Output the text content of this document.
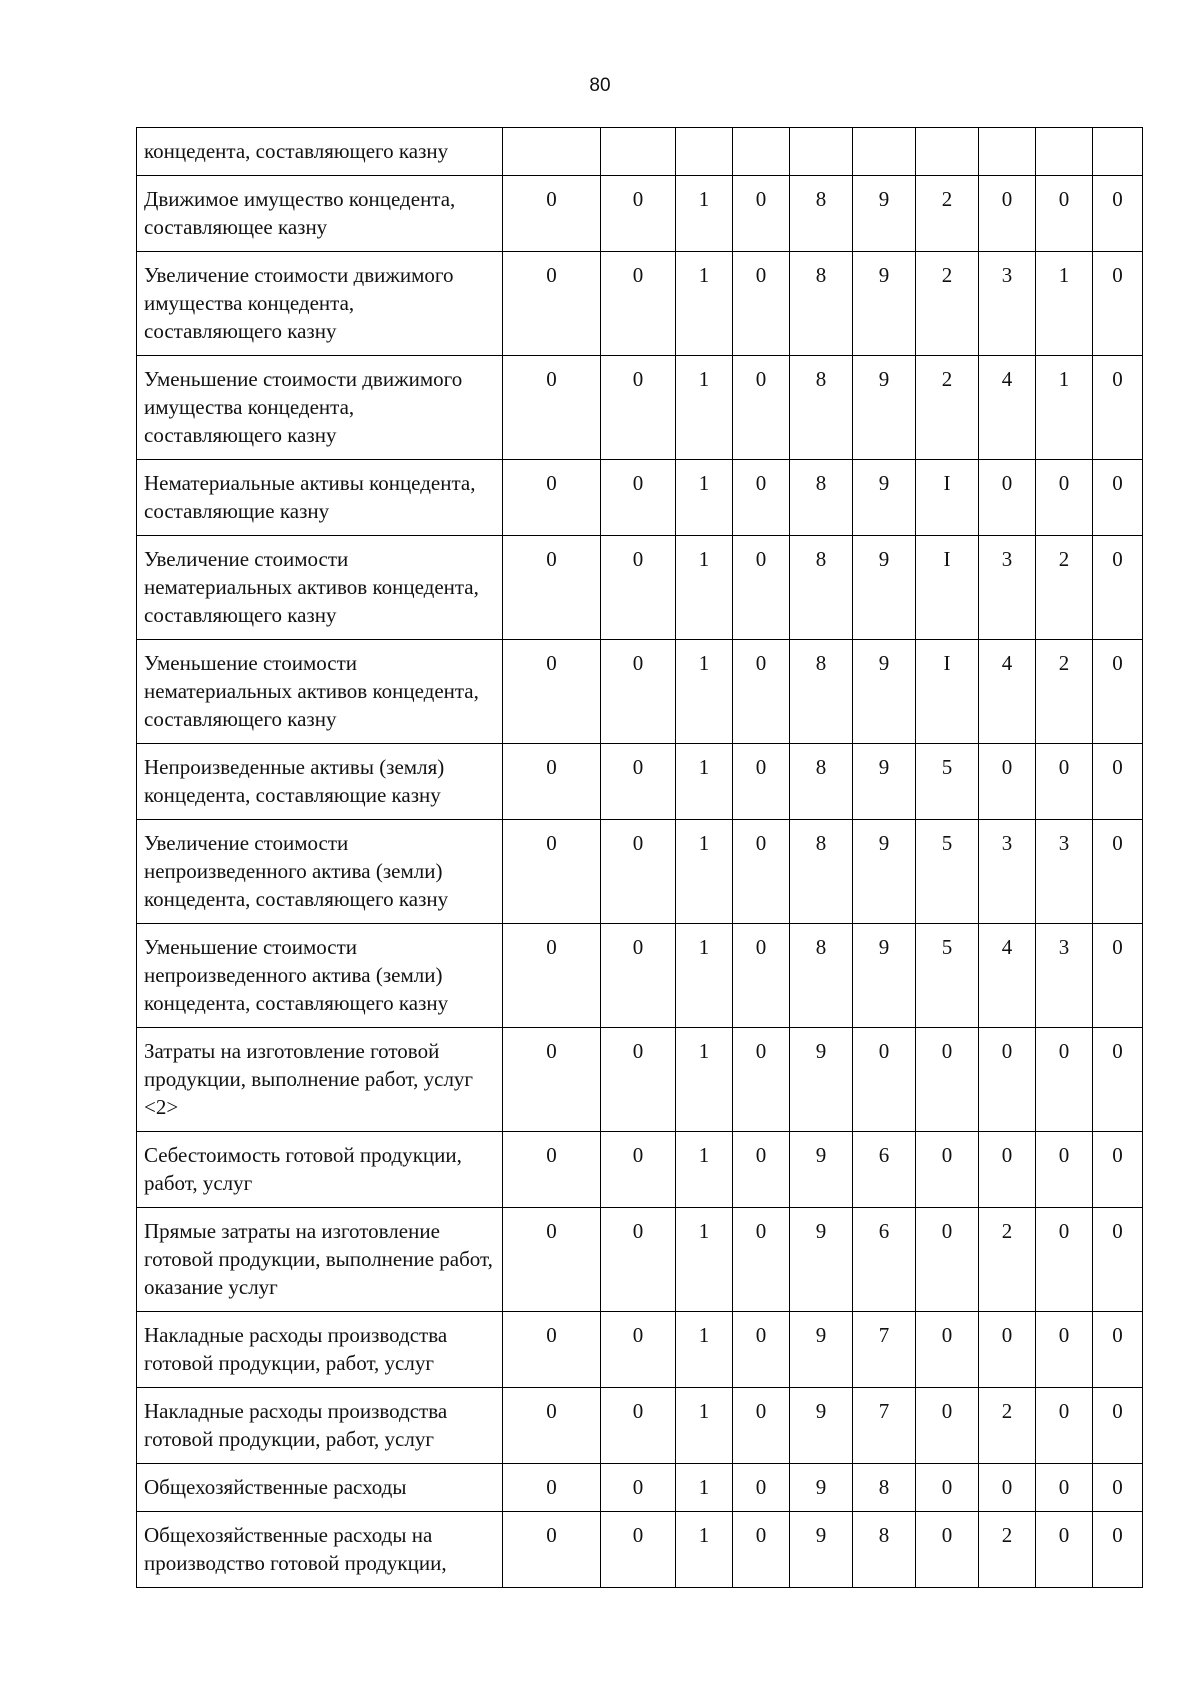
80
концедента, составляющего казну										
Движимое имущество концедента, составляющее казну	0	0	1	0	8	9	2	0	0	0
Увеличение стоимости движимого имущества концедента, составляющего казну	0	0	1	0	8	9	2	3	1	0
Уменьшение стоимости движимого имущества концедента, составляющего казну	0	0	1	0	8	9	2	4	1	0
Нематериальные активы концедента, составляющие казну	0	0	1	0	8	9	I	0	0	0
Увеличение стоимости нематериальных активов концедента, составляющего казну	0	0	1	0	8	9	I	3	2	0
Уменьшение стоимости нематериальных активов концедента, составляющего казну	0	0	1	0	8	9	I	4	2	0
Непроизведенные активы (земля) концедента, составляющие казну	0	0	1	0	8	9	5	0	0	0
Увеличение стоимости непроизведенного актива (земли) концедента, составляющего казну	0	0	1	0	8	9	5	3	3	0
Уменьшение стоимости непроизведенного актива (земли) концедента, составляющего казну	0	0	1	0	8	9	5	4	3	0
Затраты на изготовление готовой продукции, выполнение работ, услуг <2>	0	0	1	0	9	0	0	0	0	0
Себестоимость готовой продукции, работ, услуг	0	0	1	0	9	6	0	0	0	0
Прямые затраты на изготовление готовой продукции, выполнение работ, оказание услуг	0	0	1	0	9	6	0	2	0	0
Накладные расходы производства готовой продукции, работ, услуг	0	0	1	0	9	7	0	0	0	0
Накладные расходы производства готовой продукции, работ, услуг	0	0	1	0	9	7	0	2	0	0
Общехозяйственные расходы	0	0	1	0	9	8	0	0	0	0
Общехозяйственные расходы на производство готовой продукции,	0	0	1	0	9	8	0	2	0	0
